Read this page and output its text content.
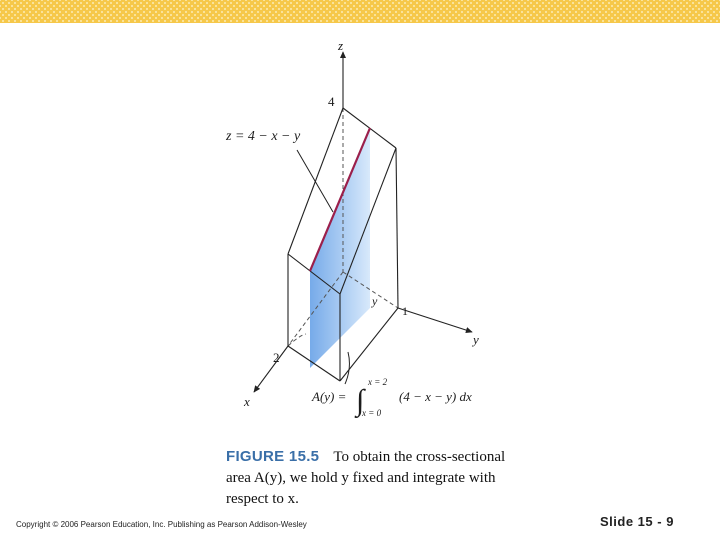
z
y
x
4
1
2
y
z = 4 − x − y
A(y) = ∫
x = 2
x = 0
(4 − x − y) dx
FIGURE 15.5 To obtain the cross-sectional area A(y), we hold y fixed and integrate with respect to x.
Copyright © 2006 Pearson Education, Inc. Publishing as Pearson Addison-Wesley	Slide 15 - 9
